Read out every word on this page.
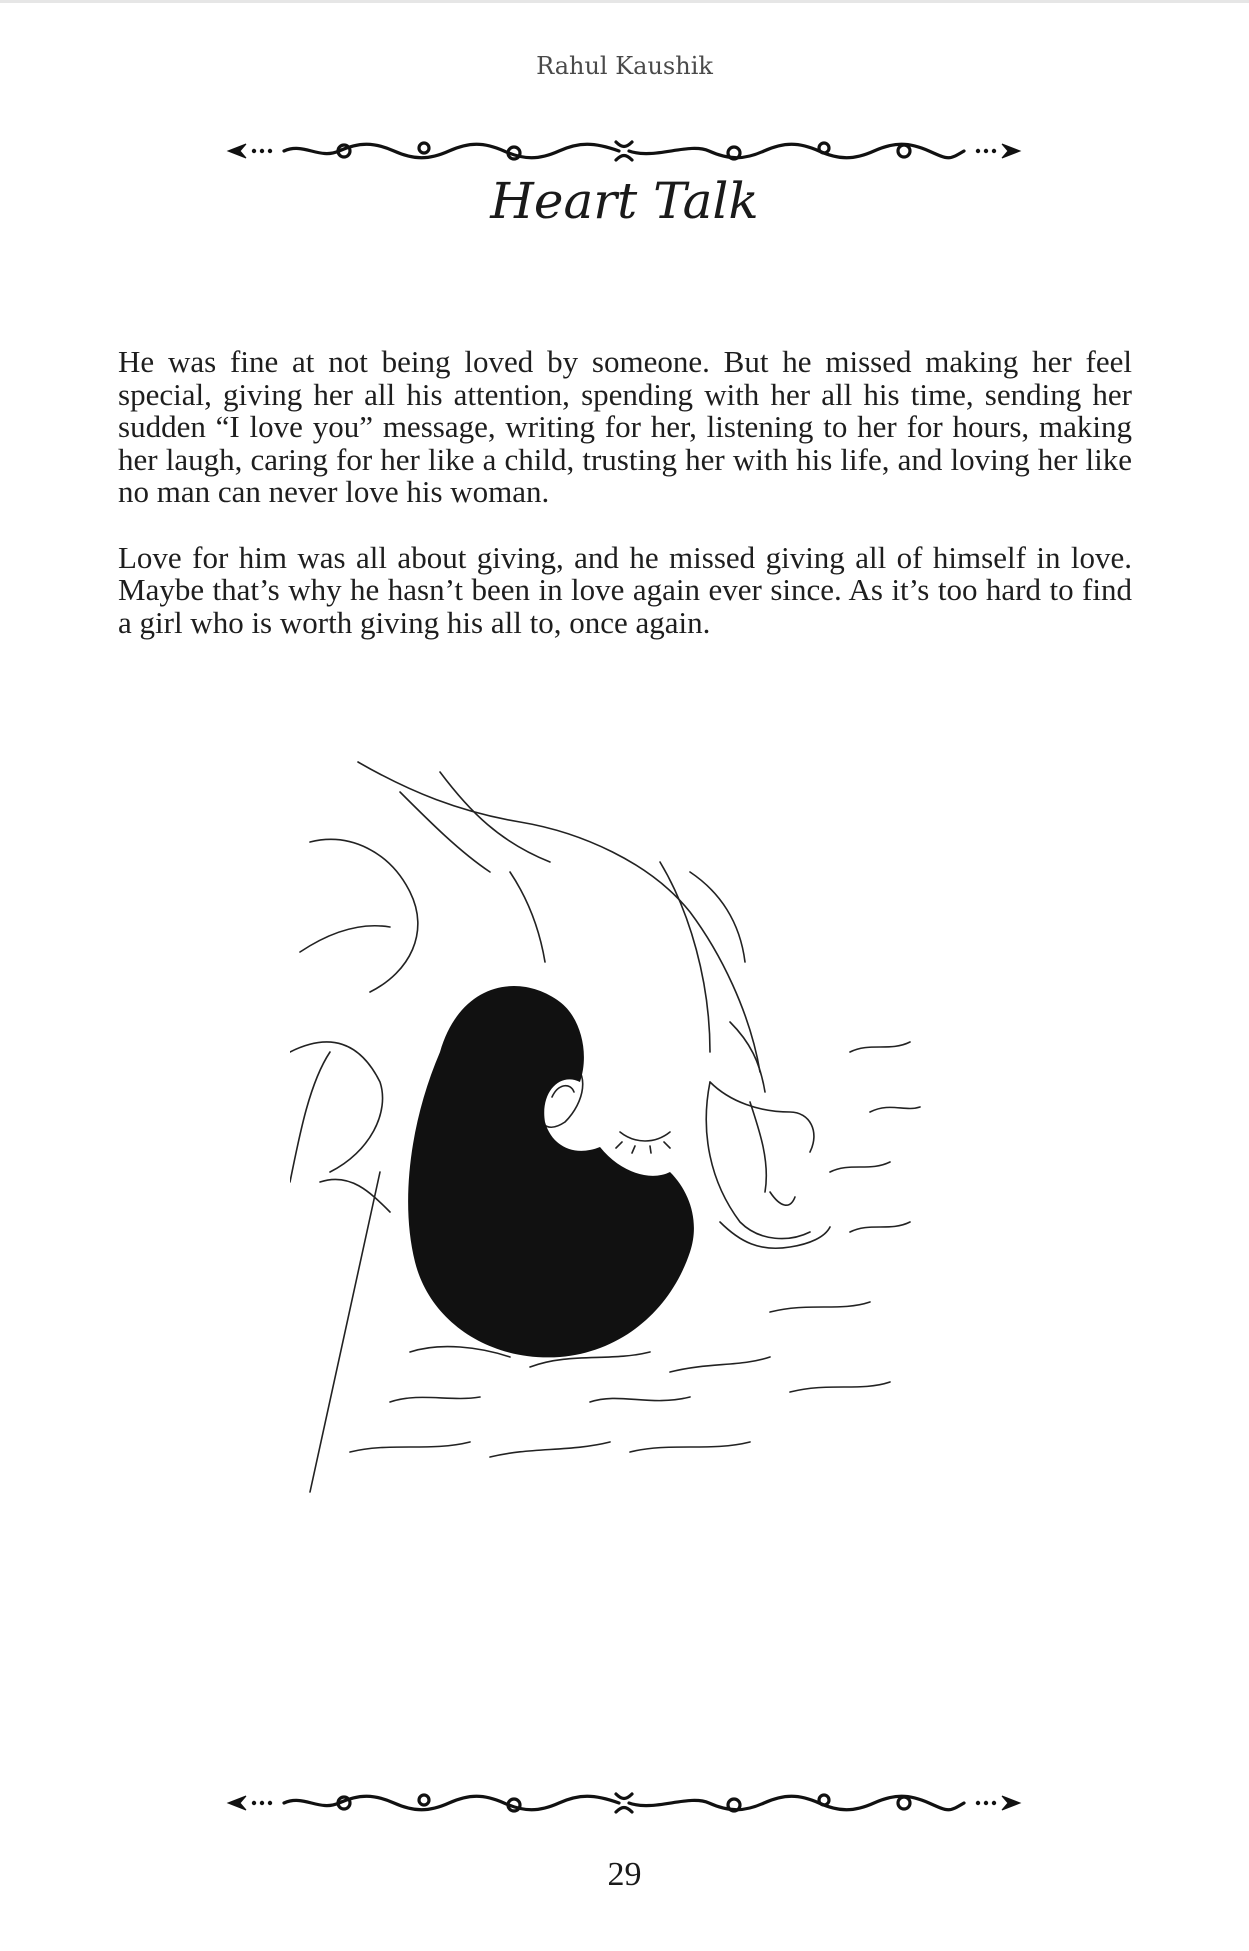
Rahul Kaushik
Heart Talk

He was fine at not being loved by someone. But he missed making her feel special, giving her all his attention, spending with her all his time, sending her sudden “I love you” message, writing for her, listening to her for hours, making her laugh, caring for her like a child, trusting her with his life, and loving her like no man can never love his woman.

Love for him was all about giving, and he missed giving all of himself in love. Maybe that’s why he hasn’t been in love again ever since. As it’s too hard to find a girl who is worth giving his all to, once again.

29
